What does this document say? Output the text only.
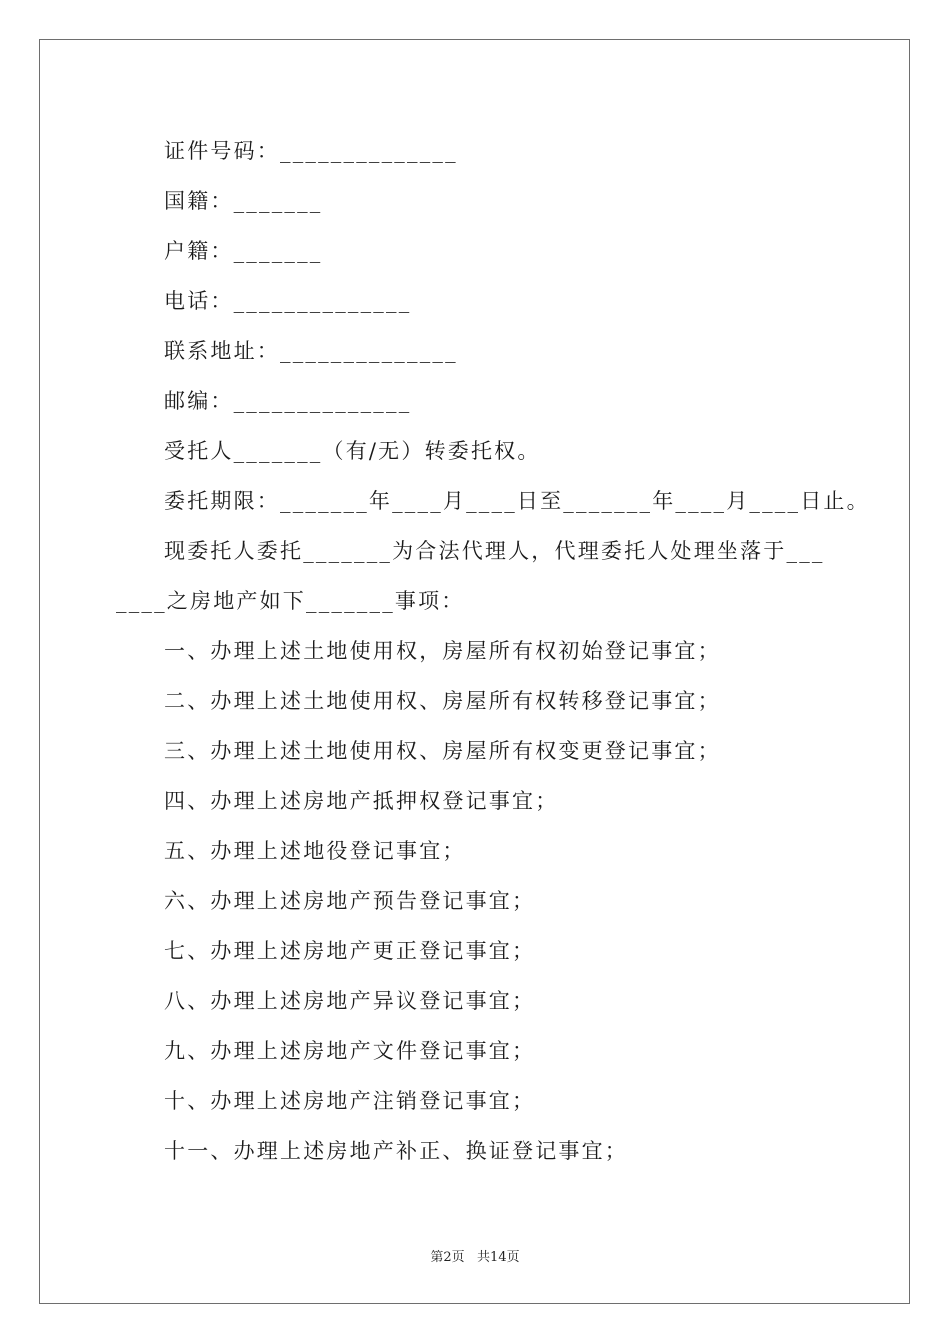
证件号码：______________
国籍：_______
户籍：_______
电话：______________
联系地址：______________
邮编：______________
受托人_______（有/无）转委托权。
委托期限：_______年____月____日至_______年____月____日止。
现委托人委托_______为合法代理人，代理委托人处理坐落于___
____之房地产如下_______事项：
一、办理上述土地使用权，房屋所有权初始登记事宜；
二、办理上述土地使用权、房屋所有权转移登记事宜；
三、办理上述土地使用权、房屋所有权变更登记事宜；
四、办理上述房地产抵押权登记事宜；
五、办理上述地役登记事宜；
六、办理上述房地产预告登记事宜；
七、办理上述房地产更正登记事宜；
八、办理上述房地产异议登记事宜；
九、办理上述房地产文件登记事宜；
十、办理上述房地产注销登记事宜；
十一、办理上述房地产补正、换证登记事宜；
第2页   共14页
